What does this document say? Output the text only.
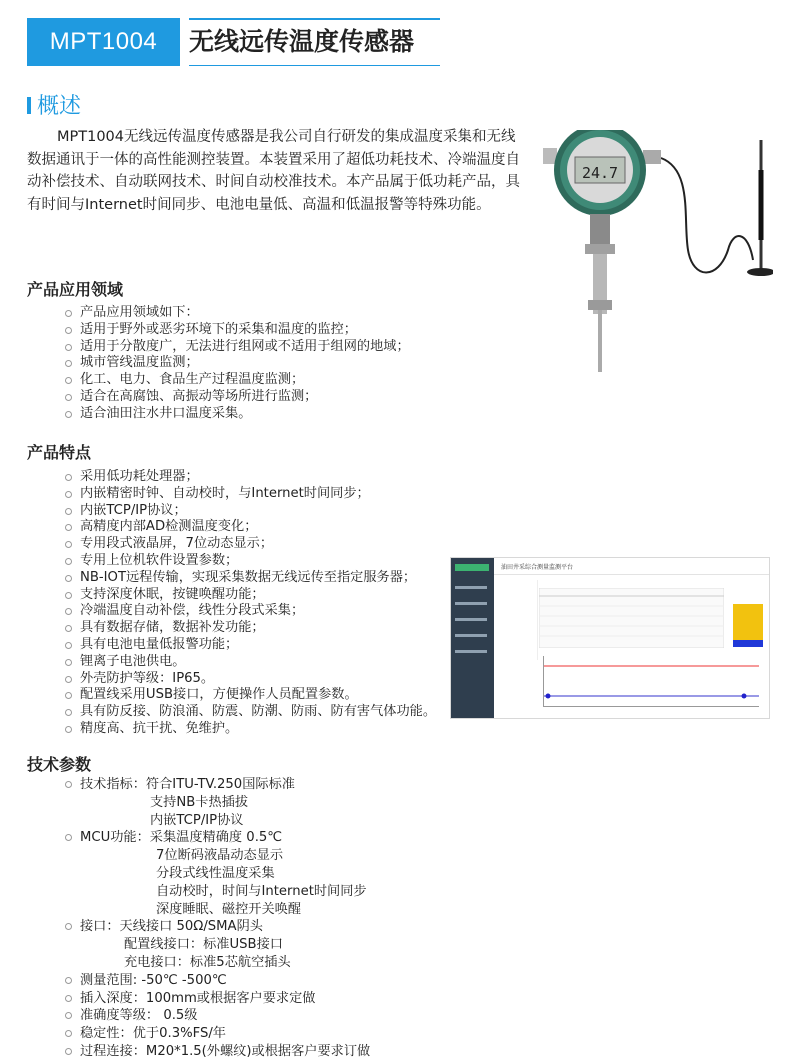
MPT1004	无线远传温度传感器
概述
MPT1004无线远传温度传感器是我公司自行研发的集成温度采集和无线数据通讯于一体的高性能测控装置。本装置采用了超低功耗技术、冷端温度自动补偿技术、自动联网技术、时间自动校准技术。本产品属于低功耗产品，具有时间与Internet时间同步、电池电量低、高温和低温报警等特殊功能。
24.7
产品应用领域
产品应用领域如下：
适用于野外或恶劣环境下的采集和温度的监控；
适用于分散度广，无法进行组网或不适用于组网的地域；
城市管线温度监测；
化工、电力、食品生产过程温度监测；
适合在高腐蚀、高振动等场所进行监测；
适合油田注水井口温度采集。
产品特点
采用低功耗处理器；
内嵌精密时钟、自动校时，与Internet时间同步；
内嵌TCP/IP协议；
高精度内部AD检测温度变化；
专用段式液晶屏，7位动态显示；
专用上位机软件设置参数；
NB-IOT远程传输，实现采集数据无线远传至指定服务器；
支持深度休眠，按键唤醒功能；
冷端温度自动补偿，线性分段式采集；
具有数据存储，数据补发功能；
具有电池电量低报警功能；
锂离子电池供电。
外壳防护等级：IP65。
配置线采用USB接口，方便操作人员配置参数。
具有防反接、防浪涌、防震、防潮、防雨、防有害气体功能。
精度高、抗干扰、免维护。
油田井采综合测量监测平台
技术参数
技术指标：符合ITU-TV.250国际标准
支持NB卡热插拔
内嵌TCP/IP协议
MCU功能：采集温度精确度 0.5℃
7位断码液晶动态显示
分段式线性温度采集
自动校时，时间与Internet时间同步
深度睡眠、磁控开关唤醒
接口：天线接口 50Ω/SMA阴头
配置线接口：标准USB接口
充电接口：标准5芯航空插头
测量范围: -50℃ -500℃
插入深度：100mm或根据客户要求定做
准确度等级： 0.5级
稳定性：优于0.3%FS/年
过程连接：M20*1.5(外螺纹)或根据客户要求订做
